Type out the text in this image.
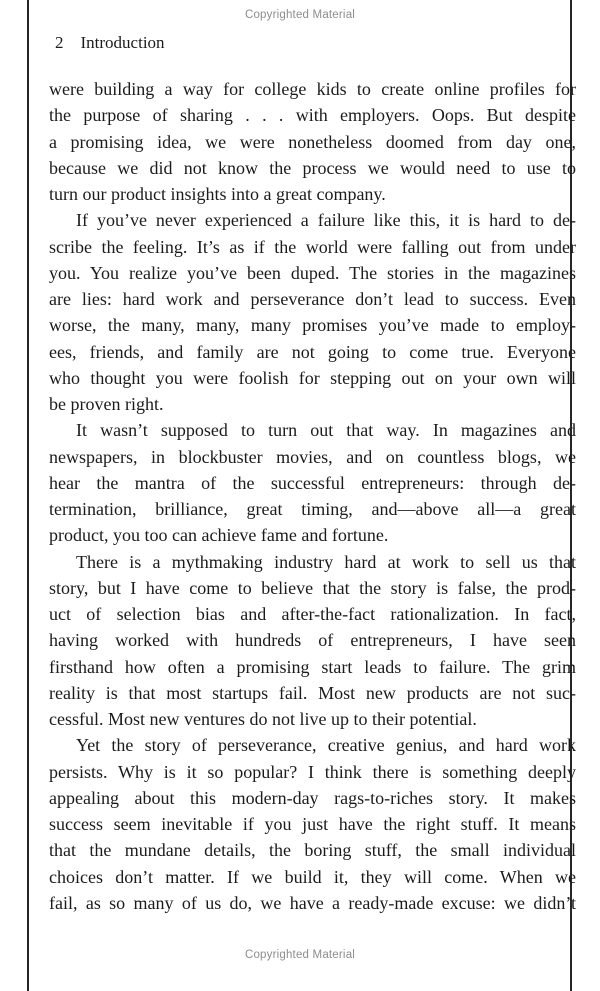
Copyrighted Material
2 Introduction
were building a way for college kids to create online profiles for
the purpose of sharing . . . with employers. Oops. But despite
a promising idea, we were nonetheless doomed from day one,
because we did not know the process we would need to use to
turn our product insights into a great company.
If you’ve never experienced a failure like this, it is hard to de-
scribe the feeling. It’s as if the world were falling out from under
you. You realize you’ve been duped. The stories in the magazines
are lies: hard work and perseverance don’t lead to success. Even
worse, the many, many, many promises you’ve made to employ-
ees, friends, and family are not going to come true. Everyone
who thought you were foolish for stepping out on your own will
be proven right.
It wasn’t supposed to turn out that way. In magazines and
newspapers, in blockbuster movies, and on countless blogs, we
hear the mantra of the successful entrepreneurs: through de-
termination, brilliance, great timing, and—above all—a great
product, you too can achieve fame and fortune.
There is a mythmaking industry hard at work to sell us that
story, but I have come to believe that the story is false, the prod-
uct of selection bias and after-the-fact rationalization. In fact,
having worked with hundreds of entrepreneurs, I have seen
firsthand how often a promising start leads to failure. The grim
reality is that most startups fail. Most new products are not suc-
cessful. Most new ventures do not live up to their potential.
Yet the story of perseverance, creative genius, and hard work
persists. Why is it so popular? I think there is something deeply
appealing about this modern-day rags-to-riches story. It makes
success seem inevitable if you just have the right stuff. It means
that the mundane details, the boring stuff, the small individual
choices don’t matter. If we build it, they will come. When we
fail, as so many of us do, we have a ready-made excuse: we didn’t
Copyrighted Material
